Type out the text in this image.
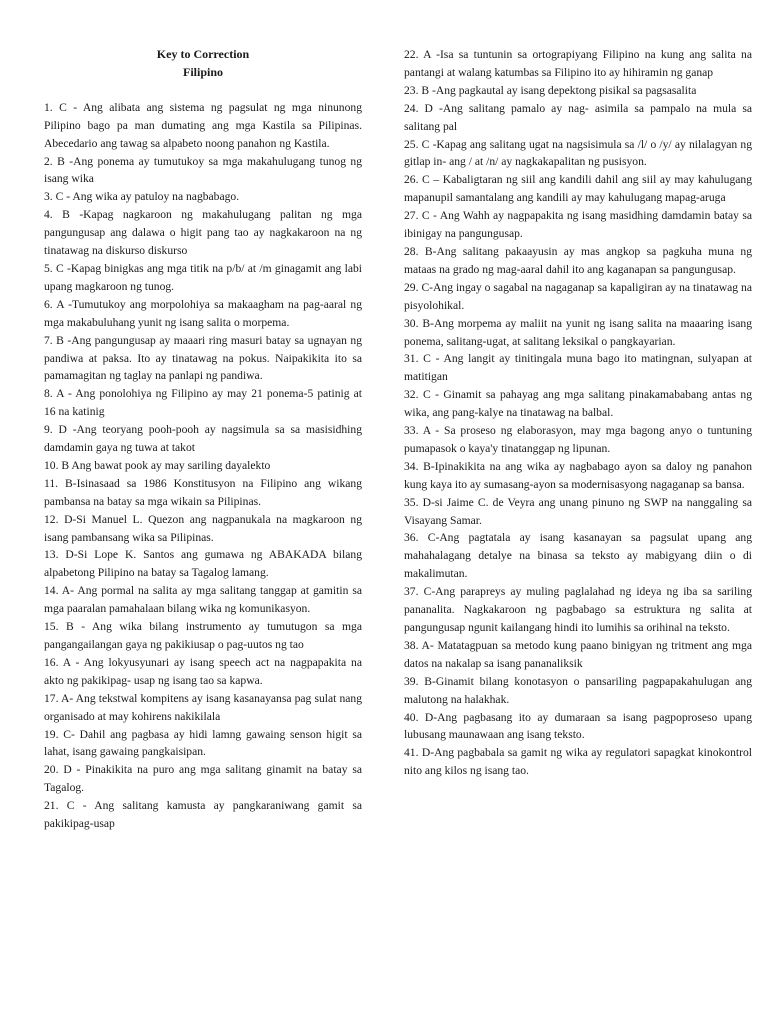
Key to Correction
Filipino

1. C - Ang alibata ang sistema ng pagsulat ng mga ninunong Pilipino bago pa man dumating ang mga Kastila sa Pilipinas. Abecedario ang tawag sa alpabeto noong panahon ng Kastila.

2. B -Ang ponema ay tumutukoy sa mga makahulugang tunog ng isang wika

3. C - Ang wika ay patuloy na nagbabago.

4. B -Kapag nagkaroon ng makahulugang palitan ng mga pangungusap ang dalawa o higit pang tao ay nagkakaroon na ng tinatawag na diskurso diskurso

5. C -Kapag binigkas ang mga titik na p/b/ at /m ginagamit ang labi upang magkaroon ng tunog.

6. A -Tumutukoy ang morpolohiya sa makaagham na pag-aaral ng mga makabuluhang yunit ng isang salita o morpema.

7. B -Ang pangungusap ay maaari ring masuri batay sa ugnayan ng pandiwa at paksa. Ito ay tinatawag na pokus. Naipakikita ito sa pamamagitan ng taglay na panlapi ng pandiwa.

8. A - Ang ponolohiya ng Filipino ay may 21 ponema-5 patinig at 16 na katinig

9. D -Ang teoryang pooh-pooh ay nagsimula sa sa masisidhing damdamin gaya ng tuwa at takot

10. B Ang bawat pook ay may sariling dayalekto

11. B-Isinasaad sa 1986 Konstitusyon na Filipino ang wikang pambansa na batay sa mga wikain sa Pilipinas.

12. D-Si Manuel L. Quezon ang nagpanukala na magkaroon ng isang pambansang wika sa Pilipinas.

13. D-Si Lope K. Santos ang gumawa ng ABAKADA bilang alpabetong Pilipino na batay sa Tagalog lamang.

14. A- Ang pormal na salita ay mga salitang tanggap at gamitin sa mga paaralan pamahalaan bilang wika ng komunikasyon.

15. B - Ang wika bilang instrumento ay tumutugon sa mga pangangailangan gaya ng pakikiusap o pag-uutos ng tao

16. A - Ang lokyusyunari ay isang speech act na nagpapakita na akto ng pakikipag- usap ng isang tao sa kapwa.

17. A- Ang tekstwal kompitens ay isang kasanayansa pag sulat nang organisado at may kohirens nakikilala

19. C- Dahil ang pagbasa ay hidi lamng gawaing senson higit sa lahat, isang gawaing pangkaisipan.

20. D - Pinakikita na puro ang mga salitang ginamit na batay sa Tagalog.

21. C - Ang salitang kamusta ay pangkaraniwang gamit sa pakikipag-usap

22. A -Isa sa tuntunin sa ortograpiyang Filipino na kung ang salita na pantangi at walang katumbas sa Filipino ito ay hihiramin ng ganap

23. B -Ang pagkautal ay isang depektong pisikal sa pagsasalita

24. D -Ang salitang pamalo ay nag- asimila sa pampalo na mula sa salitang pal

25. C -Kapag ang salitang ugat na nagsisimula sa /l/ o /y/ ay nilalagyan ng gitlap in- ang / at /n/ ay nagkakapalitan ng pusisyon.

26. C – Kabaligtaran ng siil ang kandili dahil ang siil ay may kahulugang mapanupil samantalang ang kandili ay may kahulugang mapag-aruga

27. C - Ang Wahh ay nagpapakita ng isang masidhing damdamin batay sa ibinigay na pangungusap.

28. B-Ang salitang pakaayusin ay mas angkop sa pagkuha muna ng mataas na grado ng mag-aaral dahil ito ang kaganapan sa pangungusap.

29. C-Ang ingay o sagabal na nagaganap sa kapaligiran ay na tinatawag na pisyolohikal.

30. B-Ang morpema ay maliit na yunit ng isang salita na maaaring isang ponema, salitang-ugat, at salitang leksikal o pangkayarian.

31. C - Ang langit ay tinitingala muna bago ito matingnan, sulyapan at matitigan

32. C - Ginamit sa pahayag ang mga salitang pinakamababang antas ng wika, ang pang-kalye na tinatawag na balbal.

33. A - Sa proseso ng elaborasyon, may mga bagong anyo o tuntuning pumapasok o kaya'y tinatanggap ng lipunan.

34. B-Ipinakikita na ang wika ay nagbabago ayon sa daloy ng panahon kung kaya ito ay sumasang-ayon sa modernisasyong nagaganap sa bansa.

35. D-si Jaime C. de Veyra ang unang pinuno ng SWP na nanggaling sa Visayang Samar.

36. C-Ang pagtatala ay isang kasanayan sa pagsulat upang ang mahahalagang detalye na binasa sa teksto ay mabigyang diin o di makalimutan.

37. C-Ang parapreys ay muling paglalahad ng ideya ng iba sa sariling pananalita. Nagkakaroon ng pagbabago sa estruktura ng salita at pangungusap ngunit kailangang hindi ito lumihis sa orihinal na teksto.

38. A- Matatagpuan sa metodo kung paano binigyan ng tritment ang mga datos na nakalap sa isang pananaliksik

39. B-Ginamit bilang konotasyon o pansariling pagpapakahulugan ang malutong na halakhak.

40. D-Ang pagbasang ito ay dumaraan sa isang pagpoproseso upang lubusang maunawaan ang isang teksto.

41. D-Ang pagbabala sa gamit ng wika ay regulatori sapagkat kinokontrol nito ang kilos ng isang tao.
